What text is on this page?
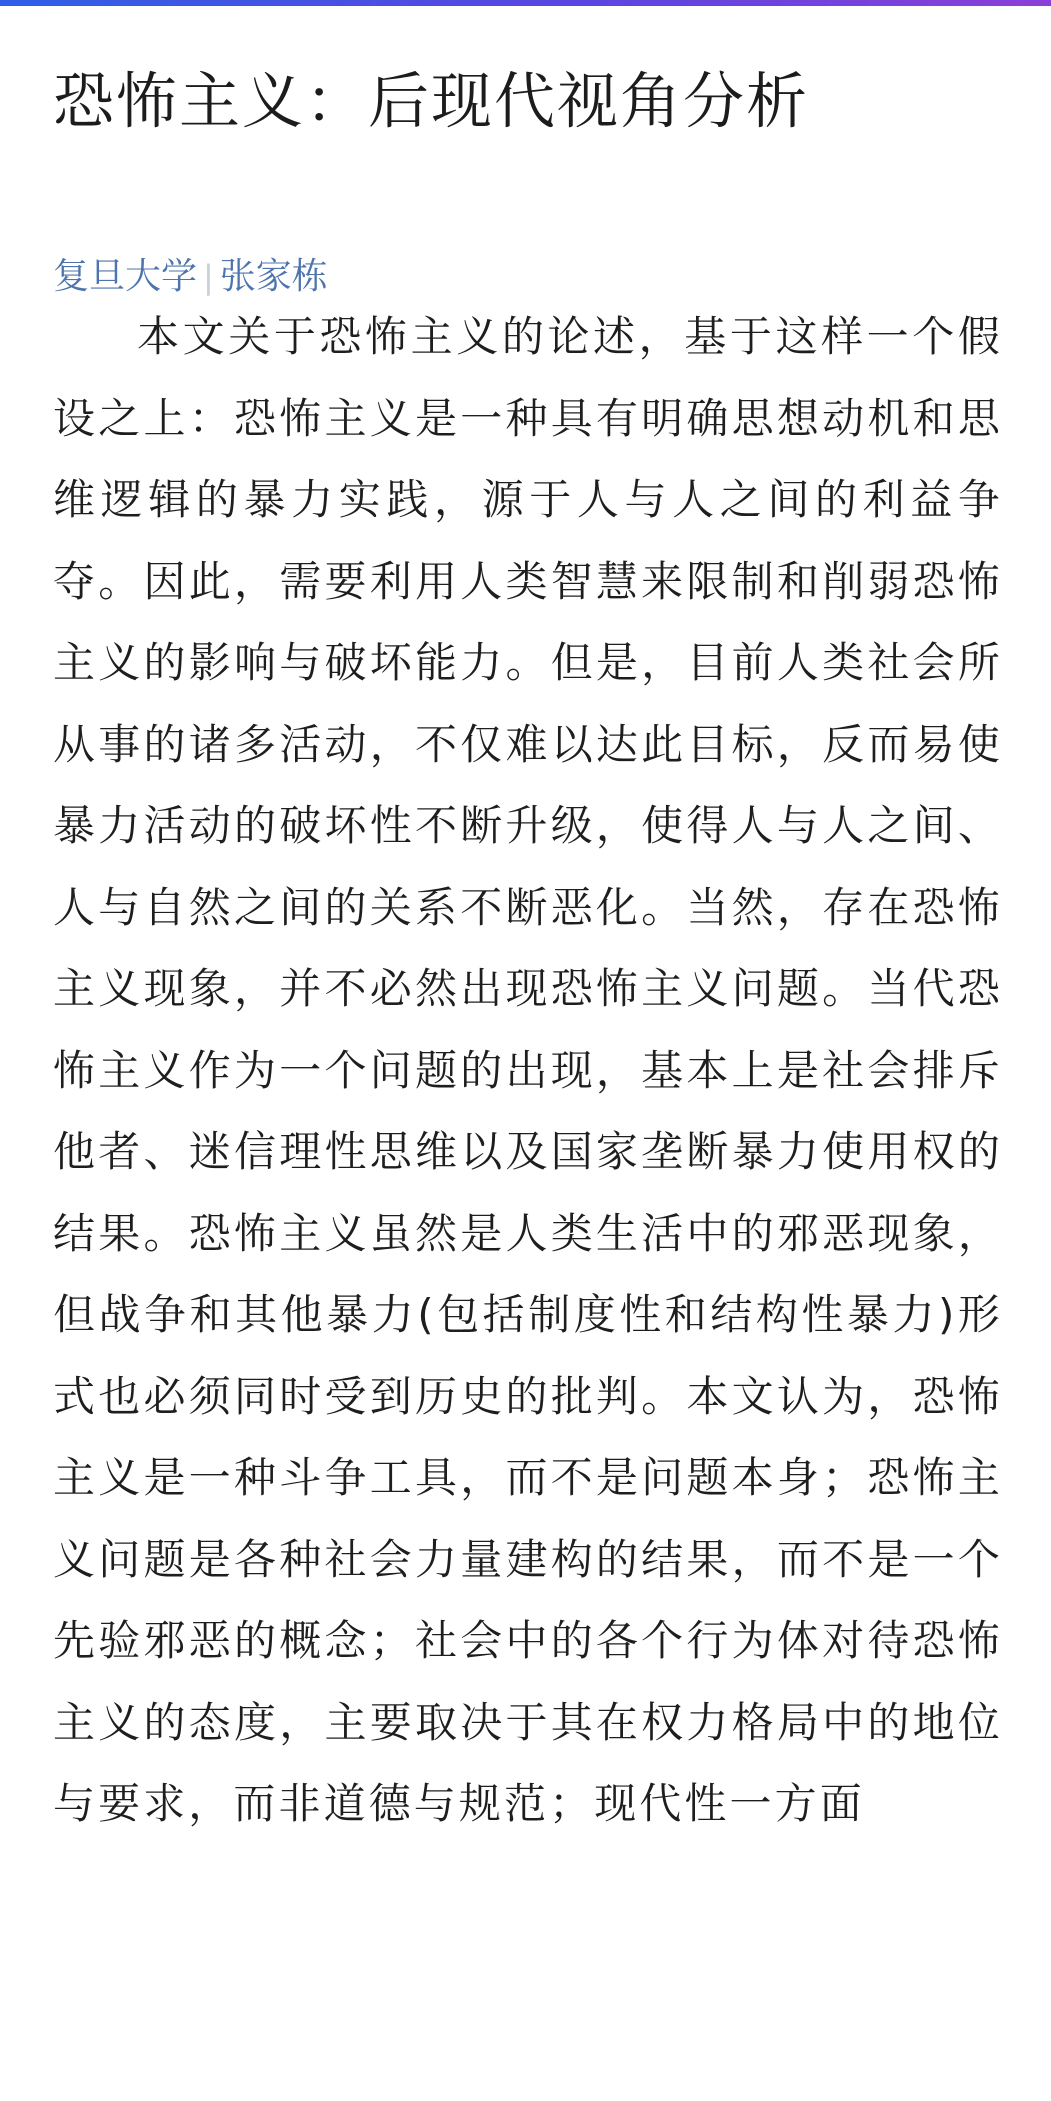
恐怖主义：后现代视角分析
复旦大学 | 张家栋

本文关于恐怖主义的论述，基于这样一个假设之上：恐怖主义是一种具有明确思想动机和思维逻辑的暴力实践，源于人与人之间的利益争夺。因此，需要利用人类智慧来限制和削弱恐怖主义的影响与破坏能力。但是，目前人类社会所从事的诸多活动，不仅难以达此目标，反而易使暴力活动的破坏性不断升级，使得人与人之间、人与自然之间的关系不断恶化。当然，存在恐怖主义现象，并不必然出现恐怖主义问题。当代恐怖主义作为一个问题的出现，基本上是社会排斥他者、迷信理性思维以及国家垄断暴力使用权的结果。恐怖主义虽然是人类生活中的邪恶现象，但战争和其他暴力(包括制度性和结构性暴力)形式也必须同时受到历史的批判。本文认为，恐怖主义是一种斗争工具，而不是问题本身；恐怖主义问题是各种社会力量建构的结果，而不是一个先验邪恶的概念；社会中的各个行为体对待恐怖主义的态度，主要取决于其在权力格局中的地位与要求，而非道德与规范；现代性一方面
